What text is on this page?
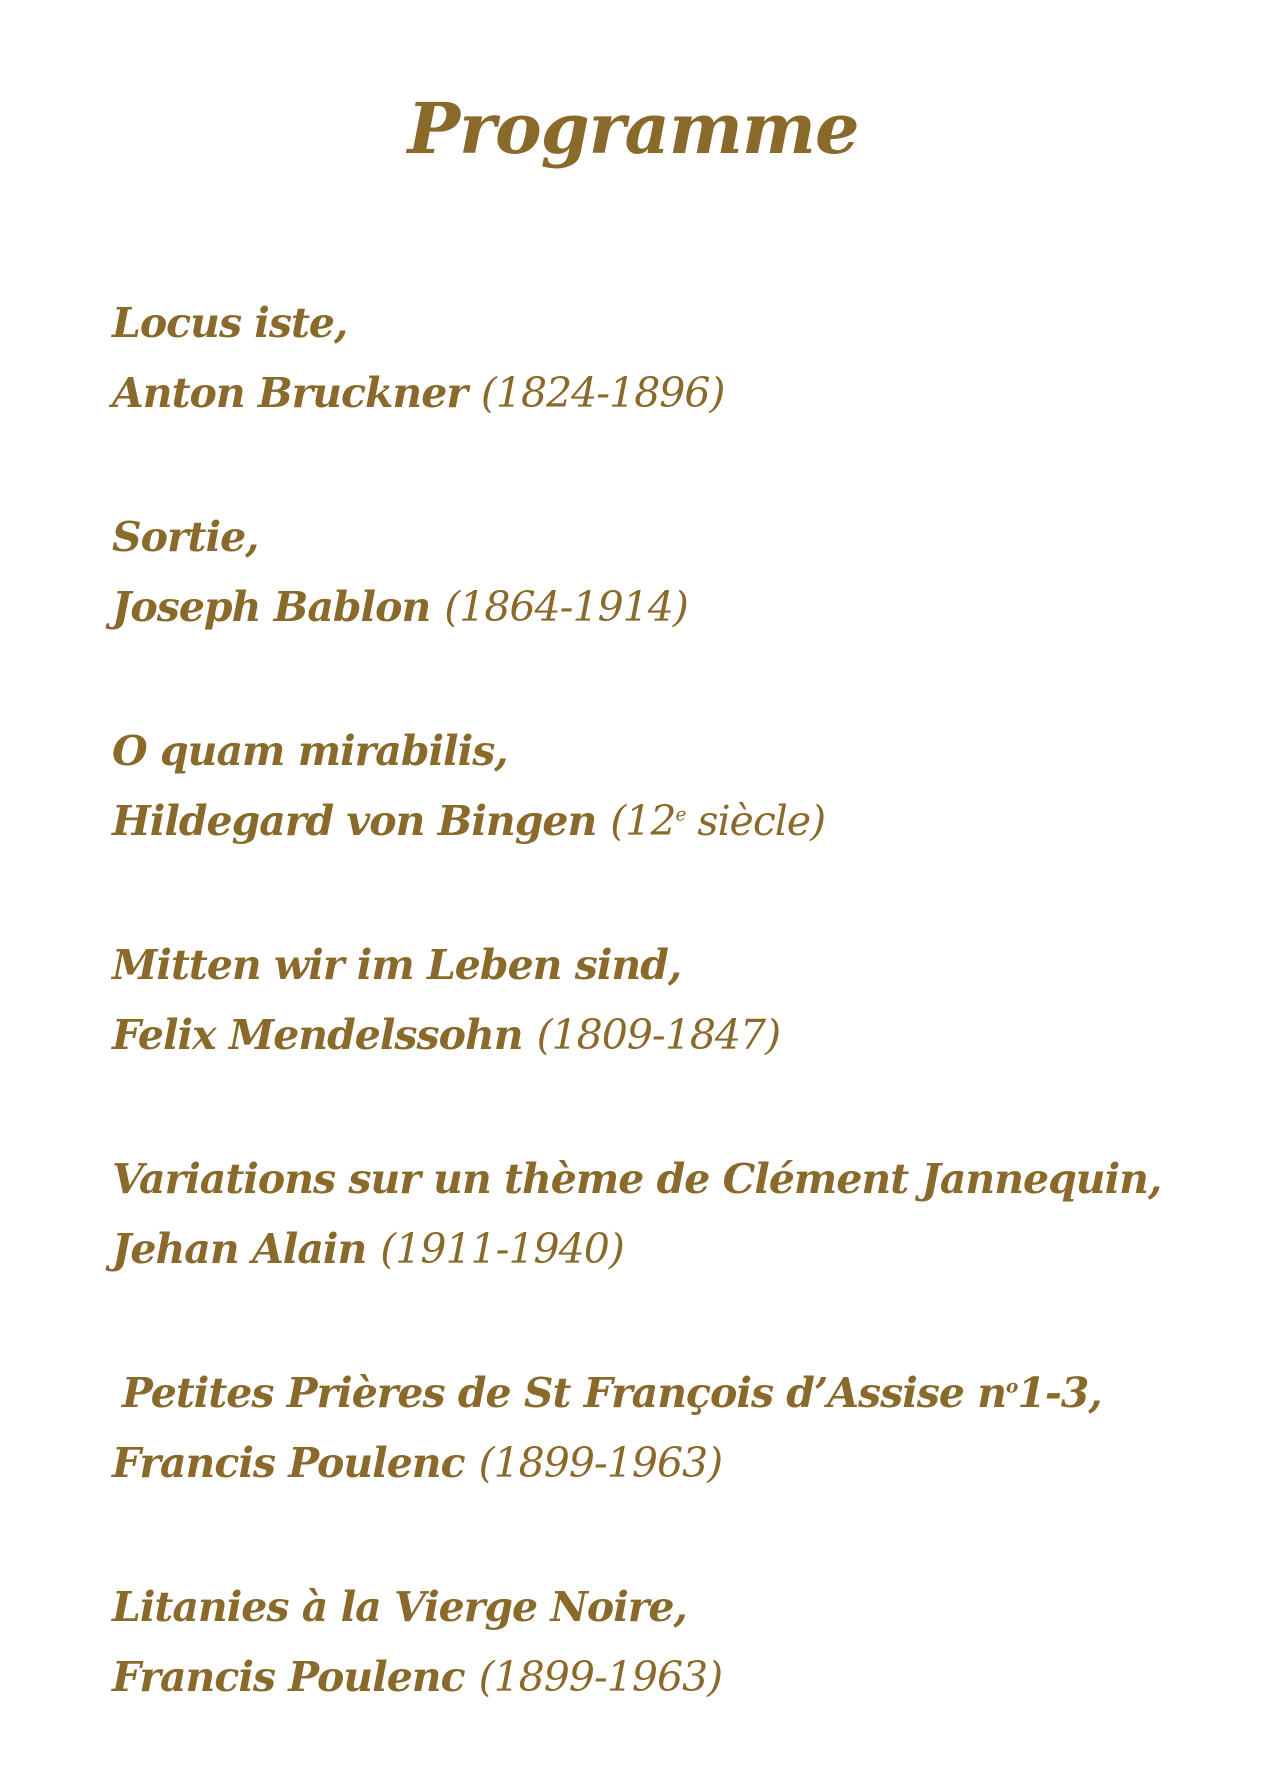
Programme
Locus iste,
Anton Bruckner (1824-1896)
Sortie,
Joseph Bablon (1864-1914)
O quam mirabilis,
Hildegard von Bingen (12e siècle)
Mitten wir im Leben sind,
Felix Mendelssohn (1809-1847)
Variations sur un thème de Clément Jannequin,
Jehan Alain (1911-1940)
Petites Prières de St François d’Assise $n^o1-3$,
Francis Poulenc (1899-1963)
Litanies à la Vierge Noire,
Francis Poulenc (1899-1963)
